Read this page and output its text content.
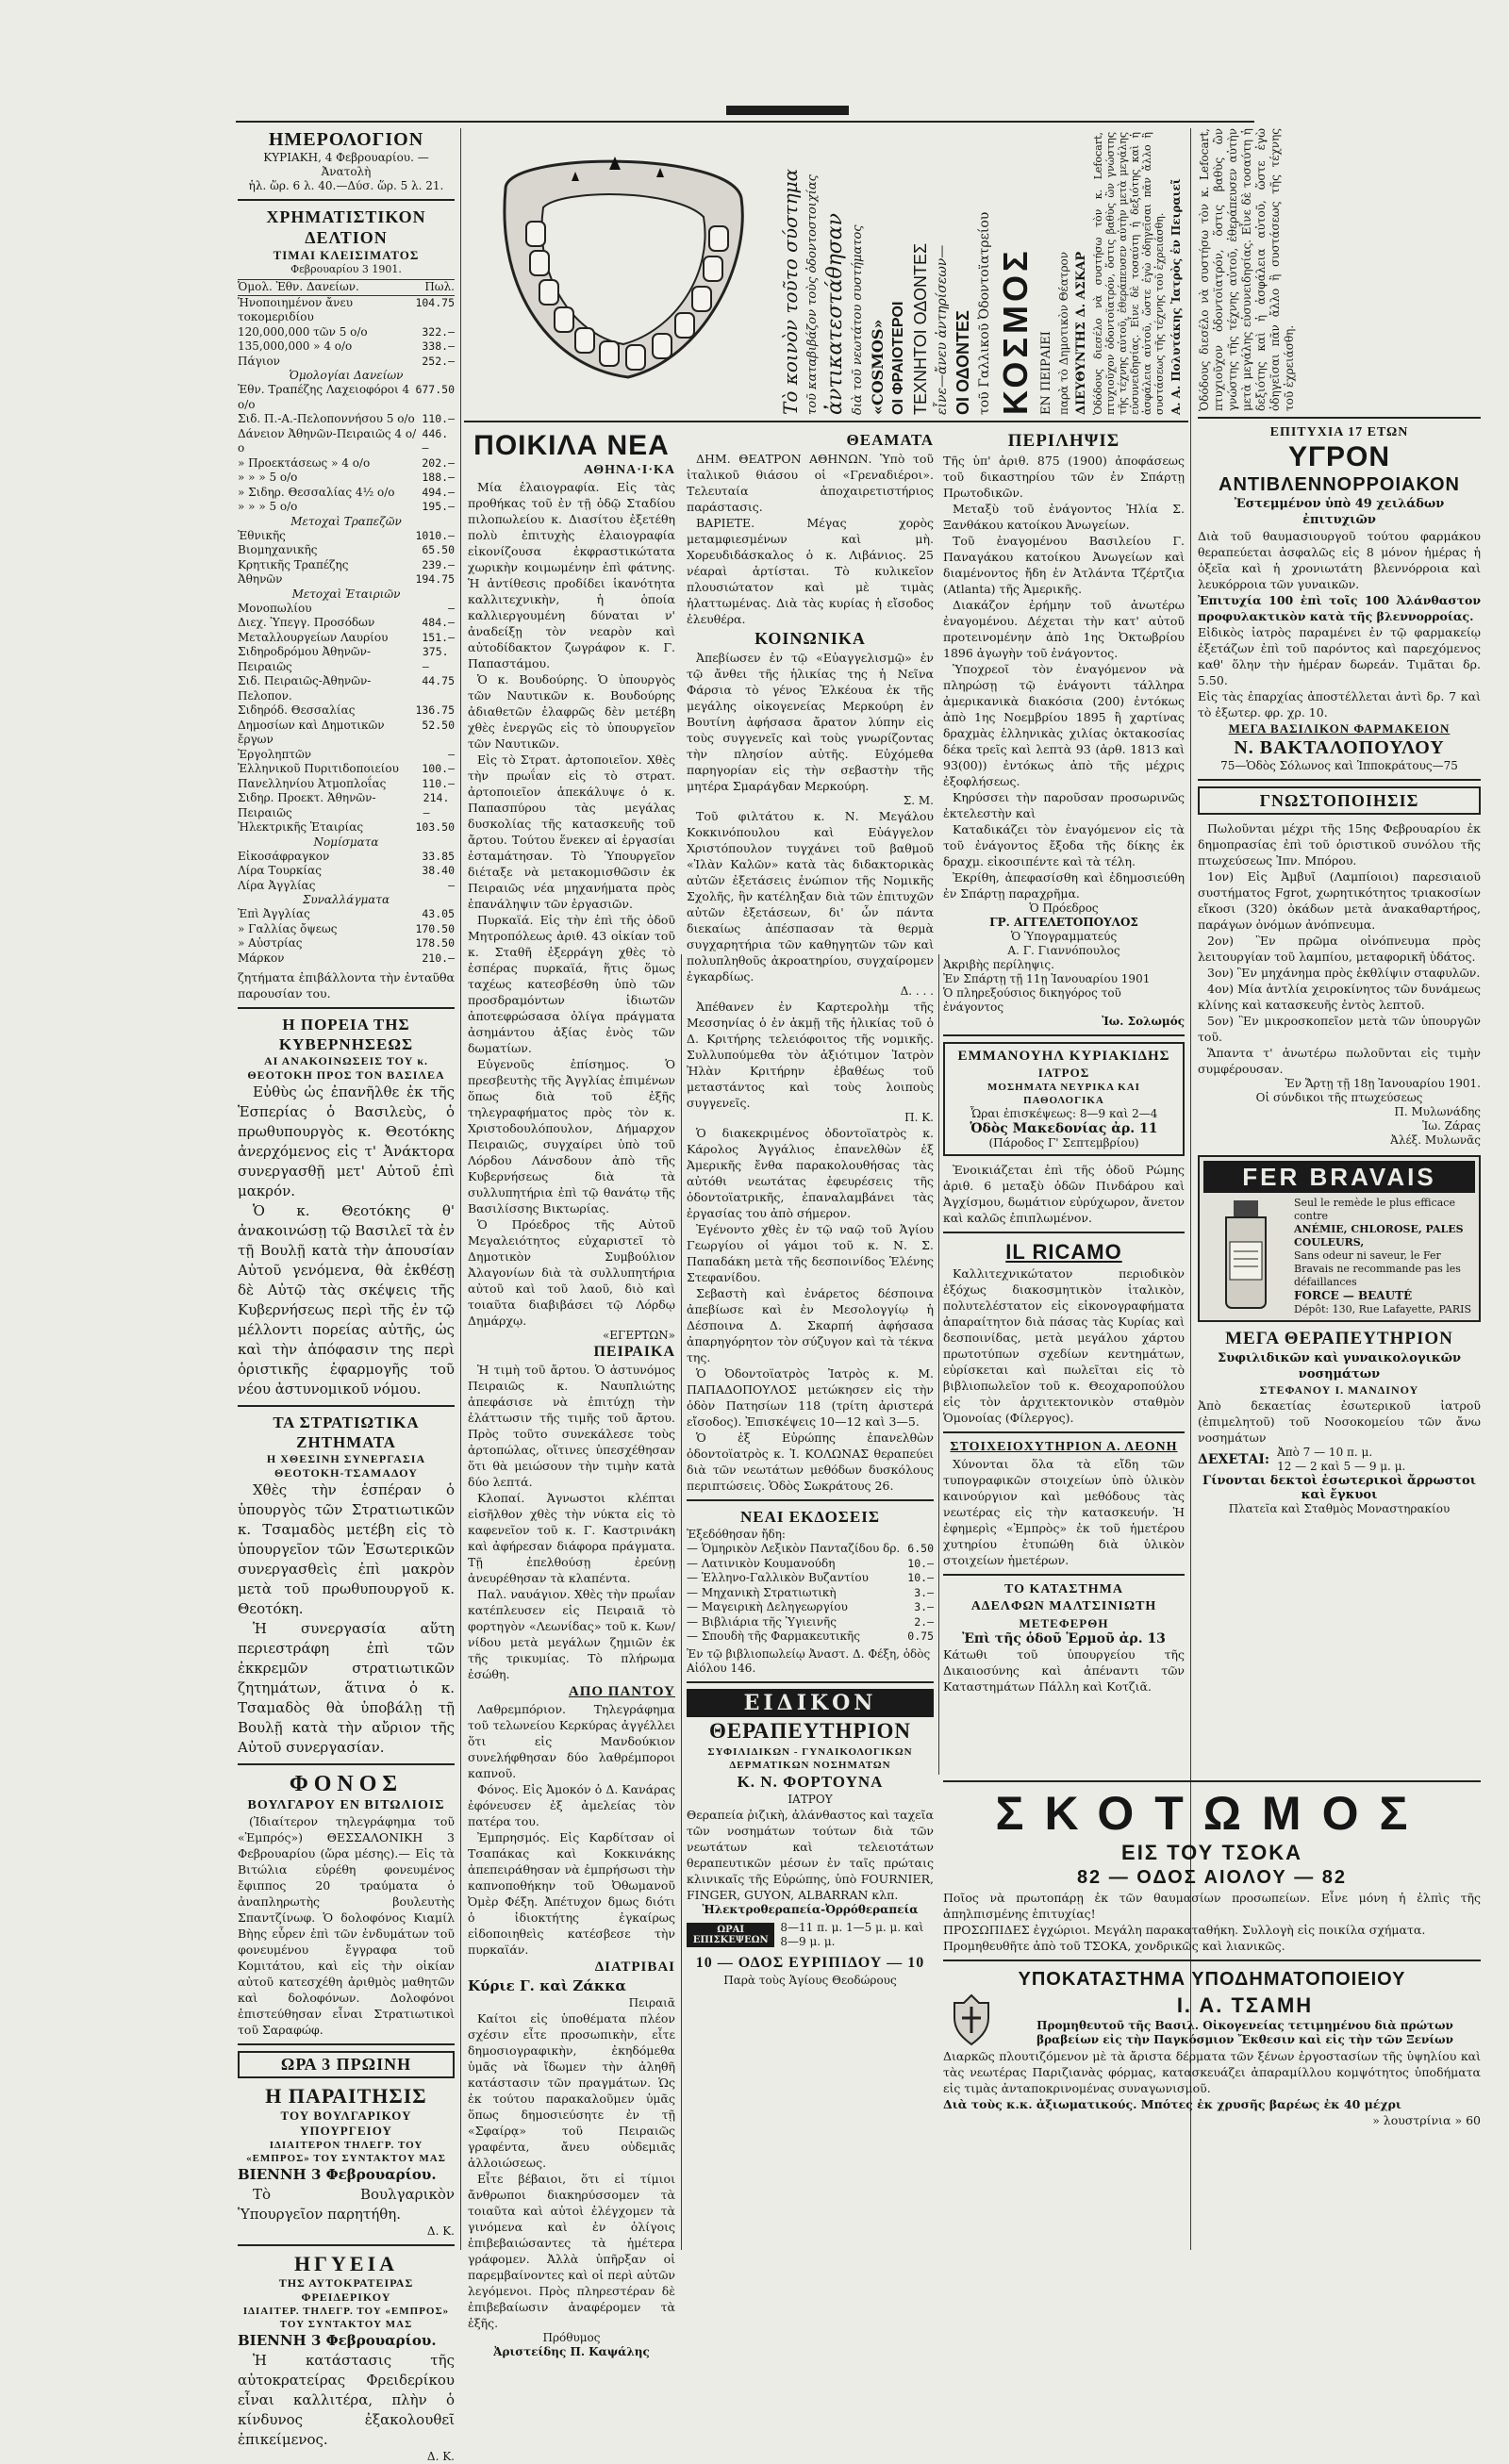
ΗΜΕΡΟΛΟΓΙΟΝ
ΚΥΡΙΑΚΗ, 4 Φεβρουαρίου. — Ἀνατολὴ
ἡλ. ὥρ. 6 λ. 40.—Δύσ. ὥρ. 5 λ. 21.
ΧΡΗΜΑΤΙΣΤΙΚΟΝ ΔΕΛΤΙΟΝ
ΤΙΜΑΙ ΚΛΕΙΣΙΜΑΤΟΣ
Φεβρουαρίου 3 1901.
Ὁμολ. Ἐθν. Δανείων.	Πωλ.
Ἡνοποιημένον ἄνευ τοκομεριδίου
104.75
120,000,000 τῶν 5 ο/ο	322.—
135,000,000 » 4 ο/ο	338.—
Πάγιον	252.—
Ὁμολογίαι Δανείων
Ἐθν. Τραπέζης Λαχειοφόροι 4 ο/ο
677.50
Σιδ. Π.-Α.-Πελοποννήσου 5 ο/ο 110.—
Δάνειον Ἀθηνῶν-Πειραιῶς 4 ο/ο
446.—
» Προεκτάσεως » 4 ο/ο	202.—
» » » 5 ο/ο	188.—
» Σιδηρ. Θεσσαλίας 4½ ο/ο	494.—
» » » 5 ο/ο	195.—
Μετοχαὶ Τραπεζῶν
Ἐθνικῆς	1010.—
Βιομηχανικῆς	65.50
Κρητικῆς Τραπέζης	239.—
Ἀθηνῶν	194.75
Μετοχαὶ Ἑταιριῶν
Μονοπωλίου	—
Διεχ. Ὑπεγγ. Προσόδων	484.—
Μεταλλουργείων Λαυρίου	151.—
Σιδηροδρόμου Ἀθηνῶν-Πειραιῶς
375.—
Σιδ. Πειραιῶς-Ἀθηνῶν-Πελοπον.
44.75
Σιδηρόδ. Θεσσαλίας	136.75
Δημοσίων καὶ Δημοτικῶν ἔργων
52.50
Ἐργοληπτῶν	—
Ἑλληνικοῦ Πυριτιδοποιείου 100.—
Πανελληνίου Ἀτμοπλοΐας	110.—
Σιδηρ. Προεκτ. Ἀθηνῶν-Πειραιῶς
214.—
Ἠλεκτρικῆς Ἑταιρίας	103.50
Νομίσματα
Εἰκοσάφραγκον	33.85
Λίρα Τουρκίας	38.40
Λίρα Ἀγγλίας	—
Συναλλάγματα
Ἐπὶ Ἀγγλίας	43.05
» Γαλλίας ὄψεως	170.50
» Αὐστρίας	178.50
Μάρκον	210.—
ζητήματα ἐπιβάλλοντα τὴν ἐνταῦθα παρουσίαν του.
Η ΠΟΡΕΙΑ ΤΗΣ ΚΥΒΕΡΝΗΣΕΩΣ
ΑΙ ΑΝΑΚΟΙΝΩΣΕΙΣ ΤΟΥ κ. ΘΕΟΤΟΚΗ ΠΡΟΣ ΤΟΝ ΒΑΣΙΛΕΑ
Εὐθὺς ὡς ἐπανῆλθε ἐκ τῆς Ἑσπερίας ὁ Βασιλεὺς, ὁ πρωθυπουργὸς κ. Θεοτόκης ἀνερχόμενος εἰς τ' Ἀνάκτορα συνεργασθῇ μετ' Αὐτοῦ ἐπὶ μακρόν.
Ὁ κ. Θεοτόκης θ' ἀνακοινώσῃ τῷ Βασιλεῖ τὰ ἐν τῇ Βουλῇ κατὰ τὴν ἀπουσίαν Αὐτοῦ γενόμενα, θὰ ἐκθέσῃ δὲ Αὐτῷ τὰς σκέψεις τῆς Κυβερνήσεως περὶ τῆς ἐν τῷ μέλλοντι πορείας αὐτῆς, ὡς καὶ τὴν ἀπόφασιν της περὶ ὁριστικῆς ἐφαρμογῆς τοῦ νέου ἀστυνομικοῦ νόμου.
ΤΑ ΣΤΡΑΤΙΩΤΙΚΑ ΖΗΤΗΜΑΤΑ
Η ΧΘΕΣΙΝΗ ΣΥΝΕΡΓΑΣΙΑ ΘΕΟΤΟΚΗ-ΤΣΑΜΑΔΟΥ
Χθὲς τὴν ἑσπέραν ὁ ὑπουργὸς τῶν Στρατιωτικῶν κ. Τσαμαδὸς μετέβη εἰς τὸ ὑπουργεῖον τῶν Ἐσωτερικῶν συνεργασθεὶς ἐπὶ μακρὸν μετὰ τοῦ πρωθυπουργοῦ κ. Θεοτόκη.
Ἡ συνεργασία αὕτη περιεστράφη ἐπὶ τῶν ἐκκρεμῶν στρατιωτικῶν ζητημάτων, ἅτινα ὁ κ. Τσαμαδὸς θὰ ὑποβάλῃ τῇ Βουλῇ κατὰ τὴν αὔριον τῆς Αὐτοῦ συνεργασίαν.
ΦΟΝΟΣ
ΒΟΥΛΓΑΡΟΥ ΕΝ ΒΙΤΩΛΙΟΙΣ
(Ἰδιαίτερον τηλεγράφημα τοῦ «Ἐμπρός») ΘΕΣΣΑΛΟΝΙΚΗ 3 Φεβρουαρίου (ὥρα μέσης).— Εἰς τὰ Βιτώλια εὑρέθη φονευμένος ἔφιππος 20 τραύματα ὁ ἀναπληρωτὴς βουλευτὴς Σπαντζίνωφ. Ὁ δολοφόνος Κιαμίλ Βὴης εὗρεν ἐπὶ τῶν ἐνδυμάτων τοῦ φονευμένου ἔγγραφα τοῦ Κομιτάτου, καὶ εἰς τὴν οἰκίαν αὐτοῦ κατεσχέθη ἀριθμὸς μαθητῶν καὶ δολοφόνων. Δολοφόνοι ἐπιστεύθησαν εἶναι Στρατιωτικοὶ τοῦ Σαραφώφ.
ΩΡΑ 3 ΠΡΩΙΝΗ
Η ΠΑΡΑΙΤΗΣΙΣ
ΤΟΥ ΒΟΥΛΓΑΡΙΚΟΥ ΥΠΟΥΡΓΕΙΟΥ
ΙΔΙΑΙΤΕΡΟΝ ΤΗΛΕΓΡ. ΤΟΥ «ΕΜΠΡΟΣ» ΤΟΥ ΣΥΝΤΑΚΤΟΥ ΜΑΣ
ΒΙΕΝΝΗ 3 Φεβρουαρίου.
Τὸ Βουλγαρικὸν Ὑπουργεῖον παρητήθη.
Δ. Κ.
ΗΓΥΕΙΑ
ΤΗΣ ΑΥΤΟΚΡΑΤΕΙΡΑΣ ΦΡΕΙΔΕΡΙΚΟΥ
ΙΔΙΑΙΤΕΡ. ΤΗΛΕΓΡ. ΤΟΥ «ΕΜΠΡΟΣ» ΤΟΥ ΣΥΝΤΑΚΤΟΥ ΜΑΣ
ΒΙΕΝΝΗ 3 Φεβρουαρίου.
Ἡ κατάστασις τῆς αὐτοκρατείρας Φρειδερίκου εἶναι καλλιτέρα, πλὴν ὁ κίνδυνος ἐξακολουθεῖ ἐπικείμενος.
Δ. Κ.
Τὸ κοινὸν τοῦτο σύστημα τοῦ καταβιβάζον τοὺς ὀδοντοστοιχίας ἀντικατεστάθησαν διὰ τοῦ νεωτάτου συστήματος «COSMOS» ΟΙ ΦΡΑΙΟΤΕΡΟΙ ΤΕΧΝΗΤΟΙ ΟΔΟΝΤΕΣ εἶνε—ἄνευ ἀντηρίσεων— ΟΙ ΟΔΟΝΤΕΣ τοῦ Γαλλικοῦ Ὀδοντοϊατρείου ΚΟΣΜΟΣ ΕΝ ΠΕΙΡΑΙΕΙ παρὰ τὸ Δημοτικὸν Θέατρον ΔΙΕΥΘΥΝΤΗΣ Δ. ΑΣΚΑΡ Ὁδόδους διεσέλο νὰ συστήσω τὸν κ. Lefocart, πτυχιοῦχον ὀδοντοϊατρόν, ὅστις βαθὺς ὢν γνώστης τῆς τέχνης αὐτοῦ, ἐθεράπευσεν αὐτὴν μετὰ μεγάλης εὐσυνειδησίας. Εἶνε δὲ τοσαύτη ἡ δεξιότης καὶ ἡ ἀσφάλεια αὐτοῦ, ὥστε ἐγὼ ὀδηγεῖσαι πᾶν ἄλλο ἢ συστάσεως τῆς τέχνης τοῦ ἐχρειάσθη. Α. Α. Πολυτάκης Ἰατρὸς ἐν Πειραιεῖ
ΠΟΙΚΙΛΑ ΝΕΑ
ΑΘΗΝΑ·Ι·ΚΑ
Μία ἐλαιογραφία. Εἰς τὰς προθήκας τοῦ ἐν τῇ ὁδῷ Σταδίου πιλοπωλείου κ. Διασίτου ἐξετέθη πολὺ ἐπιτυχὴς ἐλαιογραφία εἰκονίζουσα ἐκφραστικώτατα χωρικὴν κοιμωμένην ἐπὶ φάτνης. Ἡ ἀντίθεσις προδίδει ἱκανότητα καλλιτεχνικὴν, ἡ ὁποία καλλιεργουμένη δύναται ν' ἀναδείξῃ τὸν νεαρὸν καὶ αὐτοδίδακτον ζωγράφον κ. Γ. Παπαστάμου.
Ὁ κ. Βουδούρης. Ὁ ὑπουργὸς τῶν Ναυτικῶν κ. Βουδούρης ἀδιαθετῶν ἐλαφρῶς δὲν μετέβη χθὲς ἐνεργῶς εἰς τὸ ὑπουργεῖον τῶν Ναυτικῶν.
Εἰς τὸ Στρατ. ἀρτοποιεῖον. Χθὲς τὴν πρωΐαν εἰς τὸ στρατ. ἀρτοποιεῖον ἀπεκάλυψε ὁ κ. Παπασπύρου τὰς μεγάλας δυσκολίας τῆς κατασκευῆς τοῦ ἄρτου. Τούτου ἕνεκεν αἱ ἐργασίαι ἐσταμάτησαν. Τὸ Ὑπουργεῖον διέταξε νὰ μετακομισθῶσιν ἐκ Πειραιῶς νέα μηχανήματα πρὸς ἐπανάληψιν τῶν ἐργασιῶν.
Πυρκαϊά. Εἰς τὴν ἐπὶ τῆς ὁδοῦ Μητροπόλεως ἀριθ. 43 οἰκίαν τοῦ κ. Σταθῆ ἐξερράγη χθὲς τὸ ἑσπέρας πυρκαϊά, ἥτις ὅμως ταχέως κατεσβέσθη ὑπὸ τῶν προσδραμόντων ἰδιωτῶν ἀποτεφρώσασα ὀλίγα πράγματα ἀσημάντου ἀξίας ἐνὸς τῶν δωματίων.
Εὐγενοῦς ἐπίσημος. Ὁ πρεσβευτὴς τῆς Ἀγγλίας ἐπιμένων ὅπως διὰ τοῦ ἐξῆς τηλεγραφήματος πρὸς τὸν κ. Χριστοδουλόπουλον, Δήμαρχον Πειραιῶς, συγχαίρει ὑπὸ τοῦ Λόρδου Λάνσδουν ἀπὸ τῆς Κυβερνήσεως διὰ τὰ συλλυπητήρια ἐπὶ τῷ θανάτῳ τῆς Βασιλίσσης Βικτωρίας.
Ὁ Πρόεδρος τῆς Αὐτοῦ Μεγαλειότητος εὐχαριστεῖ τὸ Δημοτικὸν Συμβούλιον Ἀλαγονίων διὰ τὰ συλλυπητήρια αὐτοῦ καὶ τοῦ λαοῦ, διὸ καὶ τοιαῦτα διαβιβάσει τῷ Λόρδῳ Δημάρχῳ.
«ΕΓΕΡΤΩΝ»
ΠΕΙΡΑΙΚΑ
Ἡ τιμὴ τοῦ ἄρτου. Ὁ ἀστυνόμος Πειραιῶς κ. Ναυπλιώτης ἀπεφάσισε νὰ ἐπιτύχῃ τὴν ἐλάττωσιν τῆς τιμῆς τοῦ ἄρτου. Πρὸς τοῦτο συνεκάλεσε τοὺς ἀρτοπώλας, οἵτινες ὑπεσχέθησαν ὅτι θὰ μειώσουν τὴν τιμὴν κατὰ δύο λεπτά.
Κλοπαί. Ἀγνωστοι κλέπται εἰσῆλθον χθὲς τὴν νύκτα εἰς τὸ καφενεῖον τοῦ κ. Γ. Καστρινάκη καὶ ἀφήρεσαν διάφορα πράγματα. Τῇ ἐπελθούσῃ ἐρεύνῃ ἀνευρέθησαν τὰ κλαπέντα.
Παλ. ναυάγιον. Χθὲς τὴν πρωΐαν κατέπλευσεν εἰς Πειραιᾶ τὸ φορτηγὸν «Λεωνίδας» τοῦ κ. Κων/νίδου μετὰ μεγάλων ζημιῶν ἐκ τῆς τρικυμίας. Τὸ πλήρωμα ἐσώθη.
ΑΠΟ ΠΑΝΤΟΥ
Λαθρεμπόριον. Τηλεγράφημα τοῦ τελωνείου Κερκύρας ἀγγέλλει ὅτι εἰς Μανδούκιον συνελήφθησαν δύο λαθρέμποροι καπνοῦ.
Φόνος. Εἰς Ἀμοκόν ὁ Δ. Κανάρας ἐφόνευσεν ἐξ ἀμελείας τὸν πατέρα του.
Ἐμπρησμός. Εἰς Καρδίτσαν οἱ Τσαπάκας καὶ Κοκκινάκης ἀπεπειράθησαν νὰ ἐμπρήσωσι τὴν καπνοποθήκην τοῦ Ὀθωμανοῦ Ὀμὲρ Φέξη. Ἀπέτυχον δμως διότι ὁ ἰδιοκτήτης ἐγκαίρως εἰδοποιηθεὶς κατέσβεσε τὴν πυρκαϊάν.
ΔΙΑΤΡΙΒΑΙ
Κύριε Γ. καὶ Ζάκκα
Πειραιᾶ
Καίτοι εἰς ὑποθέματα πλέον σχέσιν εἶτε προσωπικὴν, εἶτε δημοσιογραφικὴν, ἐκηδόμεθα ὑμᾶς νὰ ἴδωμεν τὴν ἀληθῆ κατάστασιν τῶν πραγμάτων. Ὡς ἐκ τούτου παρακαλοῦμεν ὑμᾶς ὅπως δημοσιεύσητε ἐν τῇ «Σφαίρᾳ» τοῦ Πειραιῶς γραφέντα, ἄνευ οὐδεμιᾶς ἀλλοιώσεως.
Εἶτε βέβαιοι, ὅτι εἰ τίμιοι ἄνθρωποι διακηρύσσομεν τὰ τοιαῦτα καὶ αὐτοὶ ἐλέγχομεν τὰ γινόμενα καὶ ἐν ὀλίγοις ἐπιβεβαιώσαντες τὰ ἡμέτερα γράφομεν. Ἀλλὰ ὑπῆρξαν οἱ παρεμβαίνοντες καὶ οἱ περὶ αὐτῶν λεγόμενοι. Πρὸς πληρεστέραν δὲ ἐπιβεβαίωσιν ἀναφέρομεν τὰ ἐξῆς.
Πρόθυμος
Ἀριστείδης Π. Καψάλης
ΘΕΑΜΑΤΑ
ΔΗΜ. ΘΕΑΤΡΟΝ ΑΘΗΝΩΝ. Ὑπὸ τοῦ ἰταλικοῦ θιάσου οἱ «Γρεναδιέροι». Τελευταία ἀποχαιρετιστήριος παράστασις.
ΒΑΡΙΕΤΕ. Μέγας χορὸς μεταμφιεσμένων καὶ μὴ. Χορευδιδάσκαλος ὁ κ. Λιβάνιος. 25 νέαραὶ ἀρτίσται. Τὸ κυλικεῖον πλουσιώτατον καὶ μὲ τιμὰς ἡλαττωμένας. Διὰ τὰς κυρίας ἡ εἴσοδος ἐλευθέρα.
ΚΟΙΝΩΝΙΚΑ
Ἀπεβίωσεν ἐν τῷ «Εὐαγγελισμῷ» ἐν τῷ ἄνθει τῆς ἡλικίας της ἡ Νεῖνα Φάρσια τὸ γένος Ἐλκέουα ἐκ τῆς μεγάλης οἰκογενείας Μερκούρη ἐν Βουτίνη ἀφήσασα ἄρατον λύπην εἰς τοὺς συγγενεῖς καὶ τοὺς γνωρίζοντας τὴν πλησίον αὐτῆς. Εὐχόμεθα παρηγορίαν εἰς τὴν σεβαστὴν τῆς μητέρα Σμαράγδαν Μερκούρη.
Σ. Μ.
Τοῦ φιλτάτου κ. Ν. Μεγάλου Κοκκινόπουλου καὶ Εὐάγγελον Χριστόπουλον τυγχάνει τοῦ βαθμοῦ «Ἰλὰν Καλῶν» κατὰ τὰς διδακτορικὰς αὐτῶν ἐξετάσεις ἐνώπιον τῆς Νομικῆς Σχολῆς, ἣν κατέληξαν διὰ τῶν ἐπιτυχῶν αὐτῶν ἐξετάσεων, δι' ὧν πάντα διεκαίως ἀπέσπασαν τὰ θερμὰ συγχαρητήρια τῶν καθηγητῶν τῶν καὶ πολυπληθοῦς ἀκροατηρίου, συγχαίρομεν ἐγκαρδίως.
Δ. . . .
Ἀπέθανεν ἐν Καρτερολὴμ τῆς Μεσσηνίας ὁ ἐν ἀκμῇ τῆς ἡλικίας τοῦ ὁ Δ. Κριτήρης τελειόφοιτος τῆς νομικῆς. Συλλυπούμεθα τὸν ἀξιότιμον Ἰατρὸν Ἠλὰν Κριτήρην ἐβαθέως τοῦ μεταστάντος καὶ τοὺς λοιποὺς συγγενεῖς.
Π. Κ.
Ὁ διακεκριμένος ὀδοντοϊατρὸς κ. Κάρολος Ἀγγάλιος ἐπανελθὼν ἐξ Ἀμερικῆς ἔνθα παρακολουθήσας τὰς αὐτόθι νεωτάτας ἐφευρέσεις τῆς ὀδοντοϊατρικῆς, ἐπαναλαμβάνει τὰς ἐργασίας του ἀπὸ σήμερον.
Ἐγένοντο χθὲς ἐν τῷ ναῷ τοῦ Ἁγίου Γεωργίου οἱ γάμοι τοῦ κ. Ν. Σ. Παπαδάκη μετὰ τῆς δεσποινίδος Ἑλένης Στεφανίδου.
Σεβαστὴ καὶ ἐνάρετος δέσποινα ἀπεβίωσε καὶ ἐν Μεσολογγίῳ ἡ Δέσποινα Δ. Σκαρπή ἀφήσασα ἀπαρηγόρητον τὸν σύζυγον καὶ τὰ τέκνα της.
Ὁ Ὀδοντοϊατρὸς Ἰατρὸς κ. Μ. ΠΑΠΑΔΟΠΟΥΛΟΣ μετώκησεν εἰς τὴν ὁδὸν Πατησίων 118 (τρίτη ἀριστερά εἴσοδος). Ἐπισκέψεις 10—12 καὶ 3—5.
Ὁ ἐξ Εὐρώπης ἐπανελθὼν ὀδοντοϊατρὸς κ. Ἰ. ΚΟΛΩΝΑΣ θεραπεύει διὰ τῶν νεωτάτων μεθόδων δυσκόλους περιπτώσεις. Ὁδὸς Σωκράτους 26.
ΝΕΑΙ ΕΚΔΟΣΕΙΣ
Ἐξεδόθησαν ἤδη:
— Ὁμηρικὸν Λεξικὸν Πανταζίδου δρ. 6.50
— Λατινικὸν Κουμανούδη	10.—
— Ἑλληνο-Γαλλικὸν Βυζαντίου	10.—
— Μηχανικὴ Στρατιωτικὴ	3.—
— Μαγειρικὴ Δεληγεωργίου	3.—
— Βιβλιάρια τῆς Ὑγιεινῆς	2.—
— Σπουδὴ τῆς Φαρμακευτικῆς	0.75
Ἐν τῷ βιβλιοπωλείῳ Ἀναστ. Δ. Φέξη, ὁδὸς Αἰόλου 146.
ΕΙΔΙΚΟΝ
ΘΕΡΑΠΕΥΤΗΡΙΟΝ
ΣΥΦΙΛΙΔΙΚΩΝ - ΓΥΝΑΙΚΟΛΟΓΙΚΩΝ ΔΕΡΜΑΤΙΚΩΝ ΝΟΣΗΜΑΤΩΝ
Κ. Ν. ΦΟΡΤΟΥΝΑ
ΙΑΤΡΟΥ
Θεραπεία ῥιζικὴ, ἀλάνθαστος καὶ ταχεῖα τῶν νοσημάτων τούτων διὰ τῶν νεωτάτων καὶ τελειοτάτων θεραπευτικῶν μέσων ἐν ταῖς πρώταις κλινικαῖς τῆς Εὐρώπης, ὑπὸ FOURNIER, FINGER, GUYON, ALBARRAN κλπ.
Ἠλεκτροθεραπεία-Ὀρρόθεραπεία
ΩΡΑΙ ΕΠΙΣΚΕΨΕΩΝ
8—11 π. μ. 1—5 μ. μ. καὶ 8—9 μ. μ.
10 — ΟΔΟΣ ΕΥΡΙΠΙΔΟΥ — 10
Παρὰ τοὺς Ἁγίους Θεοδώρους
ΠΕΡΙΛΗΨΙΣ
Τῆς ὑπ' ἀριθ. 875 (1900) ἀποφάσεως τοῦ δικαστηρίου τῶν ἐν Σπάρτῃ Πρωτοδικῶν.
Μεταξὺ τοῦ ἐνάγοντος Ἠλία Σ. Ξανθάκου κατοίκου Ἀνωγείων.
Τοῦ ἐναγομένου Βασιλείου Γ. Παναγάκου κατοίκου Ἀνωγείων καὶ διαμένοντος ἤδη ἐν Ἀτλάντα Τζέρτζια (Atlanta) τῆς Ἀμερικῆς.
Διακάζον ἐρήμην τοῦ ἀνωτέρω ἐναγομένου. Δέχεται τὴν κατ' αὐτοῦ προτεινομένην ἀπὸ 1ης Ὀκτωβρίου 1896 ἀγωγὴν τοῦ ἐνάγοντος.
Ὑποχρεοῖ τὸν ἐναγόμενον νὰ πληρώσῃ τῷ ἐνάγοντι τάλληρα ἀμερικανικὰ διακόσια (200) ἐντόκως ἀπὸ 1ης Νοεμβρίου 1895 ἢ χαρτίνας δραχμὰς ἑλληνικὰς χιλίας ὀκτακοσίας δέκα τρεῖς καὶ λεπτὰ 93 (ἀρθ. 1813 καὶ 93(00)) ἐντόκως ἀπὸ τῆς μέχρις ἐξοφλήσεως.
Κηρύσσει τὴν παροῦσαν προσωρινῶς ἐκτελεστὴν καὶ
Καταδικάζει τὸν ἐναγόμενον εἰς τὰ τοῦ ἐνάγοντος ἔξοδα τῆς δίκης ἐκ δραχμ. εἰκοσιπέντε καὶ τὰ τέλη.
Ἐκρίθη, ἀπεφασίσθη καὶ ἐδημοσιεύθη ἐν Σπάρτῃ παραχρῆμα.
Ὁ Πρόεδρος
ΓΡ. ΑΓΓΕΛΕΤΟΠΟΥΛΟΣ
Ὁ Ὑπογραμματεύς
Α. Γ. Γιαννόπουλος
Ἀκριβὴς περίληψις.
Ἐν Σπάρτῃ τῇ 11ῃ Ἰανουαρίου 1901
Ὁ πληρεξούσιος δικηγόρος τοῦ ἐνάγοντος
Ἰω. Σολωμός
ΕΜΜΑΝΟΥΗΛ ΚΥΡΙΑΚΙΔΗΣ
ΙΑΤΡΟΣ
ΜΟΣΗΜΑΤΑ ΝΕΥΡΙΚΑ ΚΑΙ ΠΑΘΟΛΟΓΙΚΑ
Ὧραι ἐπισκέψεως: 8—9 καὶ 2—4
Ὁδὸς Μακεδονίας ἀρ. 11
(Πάροδος Γ' Σεπτεμβρίου)
Ἐνοικιάζεται ἐπὶ τῆς ὁδοῦ Ρώμης ἀριθ. 6 μεταξὺ ὁδῶν Πινδάρου καὶ Ἀγχίσμου, δωμάτιον εὐρύχωρον, ἄνετον καὶ καλῶς ἐπιπλωμένον.
IL RICAMO
Καλλιτεχνικώτατον περιοδικὸν ἐξόχως διακοσμητικὸν ἰταλικὸν, πολυτελέστατον εἰς εἰκονογραφήματα ἀπαραίτητον διὰ πάσας τὰς Κυρίας καὶ δεσποινίδας, μετὰ μεγάλου χάρτου πρωτοτύπων σχεδίων κεντημάτων, εὑρίσκεται καὶ πωλεῖται εἰς τὸ βιβλιοπωλεῖον τοῦ κ. Θεοχαροπούλου εἰς τὸν ἀρχιτεκτονικὸν σταθμὸν Ὁμονοίας (Φίλεργος).
ΣΤΟΙΧΕΙΟΧΥΤΗΡΙΟΝ Α. ΛΕΟΝΗ
Χύνονται ὅλα τὰ εἴδη τῶν τυπογραφικῶν στοιχείων ὑπὸ ὑλικὸν καινούργιον καὶ μεθόδους τὰς νεωτέρας εἰς τὴν κατασκευήν. Ἡ ἐφημερὶς «Ἐμπρὸς» ἐκ τοῦ ἡμετέρου χυτηρίου ἐτυπώθη διὰ ὑλικὸν στοιχείων ἡμετέρων.
ΤΟ ΚΑΤΑΣΤΗΜΑ
ΑΔΕΛΦΩΝ ΜΑΛΤΣΙΝΙΩΤΗ
ΜΕΤΕΦΕΡΘΗ
Ἐπὶ τῆς ὁδοῦ Ἑρμοῦ ἀρ. 13
Κάτωθι τοῦ ὑπουργείου τῆς Δικαιοσύνης καὶ ἀπέναντι τῶν Καταστημάτων Πάλλη καὶ Κοτζιᾶ.
Ὁδόδους διεσέλο νὰ συστήσω τὸν κ. Lefocart, πτυχιοῦχον ὀδοντοϊατρόν, ὅστις βαθὺς ὢν γνώστης τῆς τέχνης αὐτοῦ, ἐθεράπευσεν αὐτὴν μετὰ μεγάλης εὐσυνειδησίας. Εἶνε δὲ τοσαύτη ἡ δεξιότης καὶ ἡ ἀσφάλεια αὐτοῦ, ὥστε ἐγὼ ὀδηγεῖσαι πᾶν ἄλλο ἢ συστάσεως τῆς τέχνης τοῦ ἐχρειάσθη.
ΕΠΙΤΥΧΙΑ 17 ΕΤΩΝ
ΥΓΡΟΝ
ΑΝΤΙΒΛΕΝΝΟΡΡΟΙΑΚΟΝ
Ἐστεμμένον ὑπὸ 49 χειλάδων ἐπιτυχιῶν
Διὰ τοῦ θαυμασιουργοῦ τούτου φαρμάκου θεραπεύεται ἀσφαλῶς εἰς 8 μόνον ἡμέρας ἡ ὀξεῖα καὶ ἡ χρονιωτάτη βλεννόρροια καὶ λευκόρροια τῶν γυναικῶν.
Ἐπιτυχία 100 ἐπὶ τοῖς 100 Ἀλάνθαστον προφυλακτικὸν κατὰ τῆς βλεννορροίας.
Εἰδικὸς ἰατρὸς παραμένει ἐν τῷ φαρμακείῳ ἐξετάζων ἐπὶ τοῦ παρόντος καὶ παρεχόμενος καθ' ὅλην τὴν ἡμέραν δωρεάν. Τιμᾶται δρ. 5.50.
Εἰς τὰς ἐπαρχίας ἀποστέλλεται ἀντὶ δρ. 7 καὶ τὸ ἐξωτερ. φρ. χρ. 10.
ΜΕΓΑ ΒΑΣΙΛΙΚΟΝ ΦΑΡΜΑΚΕΙΟΝ
Ν. ΒΑΚΤΑΛΟΠΟΥΛΟΥ
75—Ὁδὸς Σόλωνος καὶ Ἱπποκράτους—75
ΓΝΩΣΤΟΠΟΙΗΣΙΣ
Πωλοῦνται μέχρι τῆς 15ης Φεβρουαρίου ἐκ δημοπρασίας ἐπὶ τοῦ ὁριστικοῦ συνόλου τῆς πτωχεύσεως Ἰπν. Μπόρου.
1ον) Εἰς Ἀμβυῖ (Λαμπίοιοι) παρεσιαιοῦ συστήματος Fgrot, χωρητικότητος τριακοσίων εἴκοσι (320) ὀκάδων μετὰ ἀνακαθαρτήρος, παράγων ὀνόμων ἀνόπνευμα.
2ον) Ἓν πρῶμα οἰνόπνευμα πρὸς λειτουργίαν τοῦ λαμπίου, μεταφορικῆ ὑδάτος.
3ον) Ἓν μηχάνημα πρὸς ἐκθλίψιν σταφυλῶν.
4ον) Μία ἀντλία χειροκίνητος τῶν δυνάμεως κλίνης καὶ κατασκευῆς ἐντὸς λεπτοῦ.
5ον) Ἓν μικροσκοπεῖον μετὰ τῶν ὑπουργῶν τοῦ.
Ἅπαντα τ' ἀνωτέρω πωλοῦνται εἰς τιμὴν συμφέρουσαν.
Ἐν Ἄρτῃ τῇ 18ῃ Ἰανουαρίου 1901.
Οἱ σύνδικοι τῆς πτωχεύσεως
Π. Μυλωνάδης
Ἰω. Ζάρας
Ἀλέξ. Μυλωνᾶς
FER BRAVAIS
Seul le remède le plus efficace contre
ANÉMIE, CHLOROSE, PALES COULEURS,
Sans odeur ni saveur, le Fer Bravais ne recommande pas les défaillances
FORCE — BEAUTÉ
Dépôt: 130, Rue Lafayette, PARIS
ΜΕΓΑ ΘΕΡΑΠΕΥΤΗΡΙΟΝ
Συφιλιδικῶν καὶ γυναικολογικῶν νοσημάτων
ΣΤΕΦΑΝΟΥ Ι. ΜΑΝΔΙΝΟΥ
Ἀπὸ δεκαετίας ἐσωτερικοῦ ἰατροῦ (ἐπιμελητοῦ) τοῦ Νοσοκομείου τῶν ἄνω νοσημάτων
ΔΕΧΕΤΑΙ: Ἀπὸ 7 — 10 π. μ.
12 — 2 καὶ 5 — 9 μ. μ.
Γίνονται δεκτοὶ ἐσωτερικοὶ ἄρρωστοι καὶ ἔγκυοι
Πλατεῖα καὶ Σταθμὸς Μοναστηρακίου
ΣΚΟΤΩΜΟΣ
ΕΙΣ ΤΟΥ ΤΣΟΚΑ
82 — ΟΔΟΣ ΑΙΟΛΟΥ — 82
Ποῖος νὰ πρωτοπάρῃ ἐκ τῶν θαυμασίων προσωπείων. Εἶνε μόνη ἡ ἐλπὶς τῆς ἀπηλπισμένης ἐπιτυχίας!
ΠΡΟΣΩΠΙΔΕΣ ἐγχώριοι. Μεγάλη παρακαταθήκη. Συλλογὴ εἰς ποικίλα σχήματα.
Προμηθευθῆτε ἀπὸ τοῦ ΤΣΟΚΑ, χονδρικῶς καὶ λιανικῶς.
ΥΠΟΚΑΤΑΣΤΗΜΑ ΥΠΟΔΗΜΑΤΟΠΟΙΕΙΟΥ
Ι. Α. ΤΣΑΜΗ
Προμηθευτοῦ τῆς Βασιλ. Οἰκογενείας τετιμημένου διὰ πρώτων βραβείων εἰς τὴν Παγκόσμιον Ἔκθεσιν καὶ εἰς τὴν τῶν Ξενίων
Διαρκῶς πλουτιζόμενον μὲ τὰ ἄριστα δέρματα τῶν ξένων ἐργοστασίων τῆς ὑψηλίου καὶ τὰς νεωτέρας Παριζιανὰς φόρμας, κατασκευάζει ἀπαραμίλλου κομψότητος ὑποδήματα εἰς τιμὰς ἀνταποκρινομένας συναγωνισμοῦ.
Διὰ τοὺς κ.κ. ἀξιωματικούς. Μπότες ἐκ χρυσῆς βαρέως ἐκ 40 μέχρι
» λουστρίνια » 60
